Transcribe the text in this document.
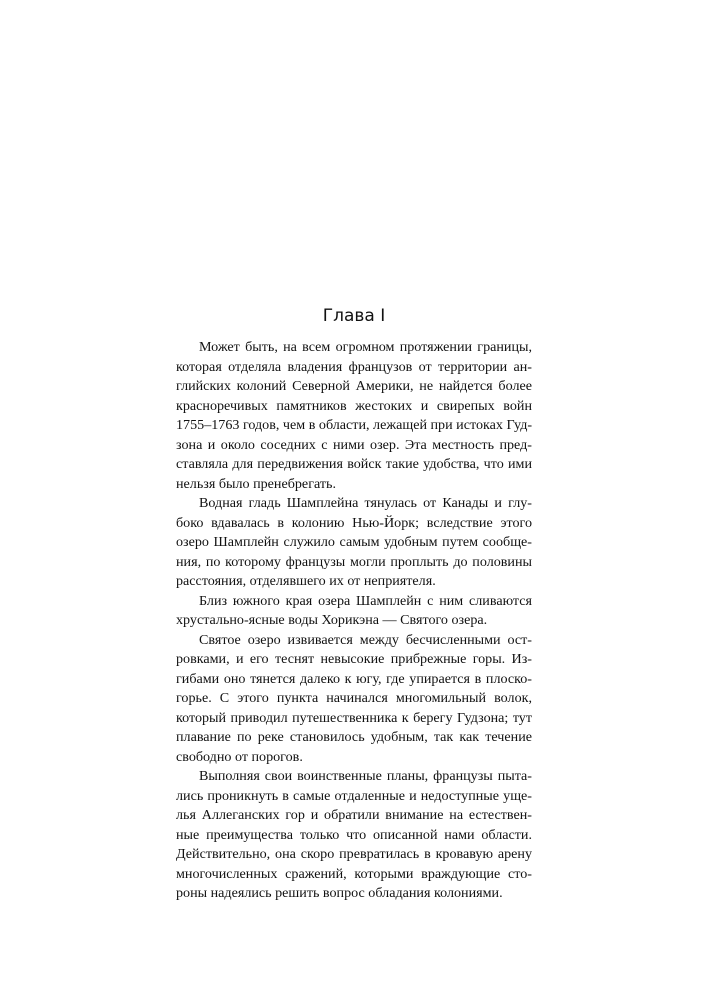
Глава I
Может быть, на всем огромном протяжении границы,
которая отделяла владения французов от территории ан-
глийских колоний Северной Америки, не найдется более
красноречивых памятников жестоких и свирепых войн
1755–1763 годов, чем в области, лежащей при истоках Гуд-
зона и около соседних с ними озер. Эта местность пред-
ставляла для передвижения войск такие удобства, что ими
нельзя было пренебрегать.
Водная гладь Шамплейна тянулась от Канады и глу-
боко вдавалась в колонию Нью-Йорк; вследствие этого
озеро Шамплейн служило самым удобным путем сообще-
ния, по которому французы могли проплыть до половины
расстояния, отделявшего их от неприятеля.
Близ южного края озера Шамплейн с ним сливаются
хрустально-ясные воды Хорикэна — Святого озера.
Святое озеро извивается между бесчисленными ост-
ровками, и его теснят невысокие прибрежные горы. Из-
гибами оно тянется далеко к югу, где упирается в плоско-
горье. С этого пункта начинался многомильный волок,
который приводил путешественника к берегу Гудзона; тут
плавание по реке становилось удобным, так как течение
свободно от порогов.
Выполняя свои воинственные планы, французы пыта-
лись проникнуть в самые отдаленные и недоступные уще-
лья Аллеганских гор и обратили внимание на естествен-
ные преимущества только что описанной нами области.
Действительно, она скоро превратилась в кровавую арену
многочисленных сражений, которыми враждующие сто-
роны надеялись решить вопрос обладания колониями.
